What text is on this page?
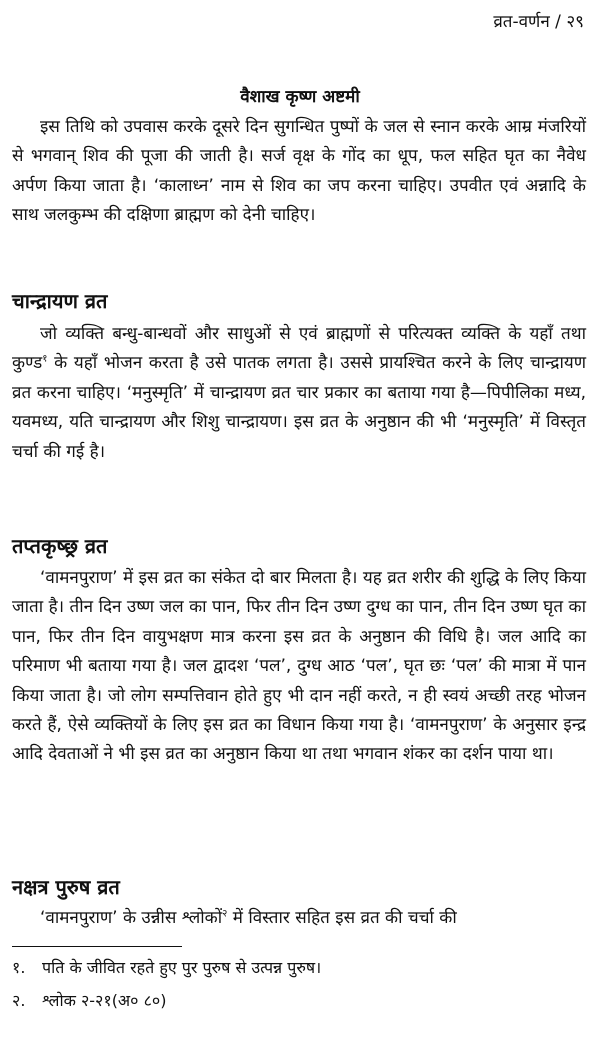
व्रत-वर्णन / २९
वैशाख कृष्ण अष्टमी

इस तिथि को उपवास करके दूसरे दिन सुगन्धित पुष्पों के जल से स्नान करके आम्र मंजरियों से भगवान् शिव की पूजा की जाती है। सर्ज वृक्ष के गोंद का धूप, फल सहित घृत का नैवेध अर्पण किया जाता है। ‘कालाध्न’ नाम से शिव का जप करना चाहिए। उपवीत एवं अन्नादि के साथ जलकुम्भ की दक्षिणा ब्राह्मण को देनी चाहिए।

चान्द्रायण व्रत

जो व्यक्ति बन्धु-बान्धवों और साधुओं से एवं ब्राह्मणों से परित्यक्त व्यक्ति के यहाँ तथा कुण्ड$^१$ के यहाँ भोजन करता है उसे पातक लगता है। उससे प्रायश्चित करने के लिए चान्द्रायण व्रत करना चाहिए। ‘मनुस्मृति’ में चान्द्रायण व्रत चार प्रकार का बताया गया है—पिपीलिका मध्य, यवमध्य, यति चान्द्रायण और शिशु चान्द्रायण। इस व्रत के अनुष्ठान की भी ‘मनुस्मृति’ में विस्तृत चर्चा की गई है।

तप्तकृष्छ्र व्रत

‘वामनपुराण’ में इस व्रत का संकेत दो बार मिलता है। यह व्रत शरीर की शुद्धि के लिए किया जाता है। तीन दिन उष्ण जल का पान, फिर तीन दिन उष्ण दुग्ध का पान, तीन दिन उष्ण घृत का पान, फिर तीन दिन वायुभक्षण मात्र करना इस व्रत के अनुष्ठान की विधि है। जल आदि का परिमाण भी बताया गया है। जल द्वादश ‘पल’, दुग्ध आठ ‘पल’, घृत छः ‘पल’ की मात्रा में पान किया जाता है। जो लोग सम्पत्तिवान होते हुए भी दान नहीं करते, न ही स्वयं अच्छी तरह भोजन करते हैं, ऐसे व्यक्तियों के लिए इस व्रत का विधान किया गया है। ‘वामनपुराण’ के अनुसार इन्द्र आदि देवताओं ने भी इस व्रत का अनुष्ठान किया था तथा भगवान शंकर का दर्शन पाया था।

नक्षत्र पुरुष व्रत

‘वामनपुराण’ के उन्नीस श्लोकों$^२$ में विस्तार सहित इस व्रत की चर्चा की

१. पति के जीवित रहते हुए पुर पुरुष से उत्पन्न पुरुष।
२. श्लोक २-२१(अ० ८०)
